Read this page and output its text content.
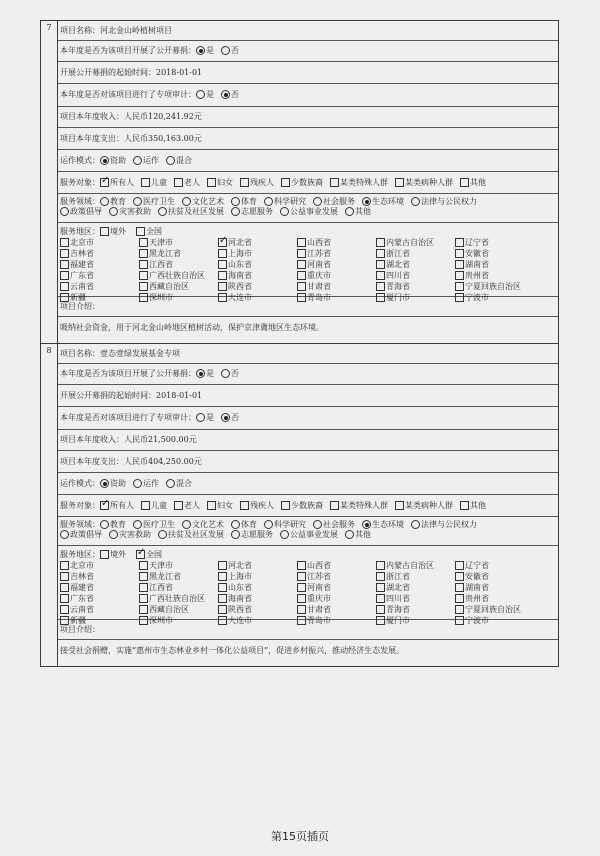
7	项目名称：河北金山岭植树项目
本年度是否为该项目开展了公开募捐： 是 否
开展公开募捐的起始时间：2018-01-01
本年度是否对该项目进行了专项审计： 是 否
项目本年度收入：人民币120,241.92元
项目本年度支出：人民币350,163.00元
运作模式： 资助 运作 混合
服务对象： ✓ 所有人 儿童 老人 妇女 残疾人 少数族裔 某类特殊人群 某类病种人群 其他
服务领域： 教育 医疗卫生 文化艺术 体育 科学研究 社会服务 生态环境 法律与公民权力
政策倡导 灾害救助 扶贫及社区发展 志愿服务 公益事业发展 其他
服务地区：	境外	全国
北京市	天津市 ✓	河北省	山西省	内蒙古自治区	辽宁省
吉林省	黑龙江省	上海市	江苏省	浙江省	安徽省
福建省	江西省	山东省	河南省	湖北省	湖南省
广东省	广西壮族自治区	海南省	重庆市	四川省	贵州省
云南省	西藏自治区	陕西省	甘肃省	青海省	宁夏回族自治区
新疆	深圳市	大连市	青岛市	厦门市	宁波市
项目介绍：
吸纳社会资金，用于河北金山岭地区植树活动，保护京津冀地区生态环境。
8	项目名称：壹态壹绿发展基金专项
本年度是否为该项目开展了公开募捐： 是 否
开展公开募捐的起始时间：2018-01-01
本年度是否对该项目进行了专项审计： 是 否
项目本年度收入：人民币21,500.00元
项目本年度支出：人民币404,250.00元
运作模式： 资助 运作 混合
服务对象： ✓ 所有人 儿童 老人 妇女 残疾人 少数族裔 某类特殊人群 某类病种人群 其他
服务领域： 教育 医疗卫生 文化艺术 体育 科学研究 社会服务 生态环境 法律与公民权力
政策倡导 灾害救助 扶贫及社区发展 志愿服务 公益事业发展 其他
服务地区：	境外 ✓	全国
北京市	天津市	河北省	山西省	内蒙古自治区	辽宁省
吉林省	黑龙江省	上海市	江苏省	浙江省	安徽省
福建省	江西省	山东省	河南省	湖北省	湖南省
广东省	广西壮族自治区	海南省	重庆市	四川省	贵州省
云南省	西藏自治区	陕西省	甘肃省	青海省	宁夏回族自治区
新疆	深圳市	大连市	青岛市	厦门市	宁波市
项目介绍：
接受社会捐赠，实施“惠州市生态林业乡村一体化公益项目”，促进乡村振兴，推动经济生态发展。
第15页插页
